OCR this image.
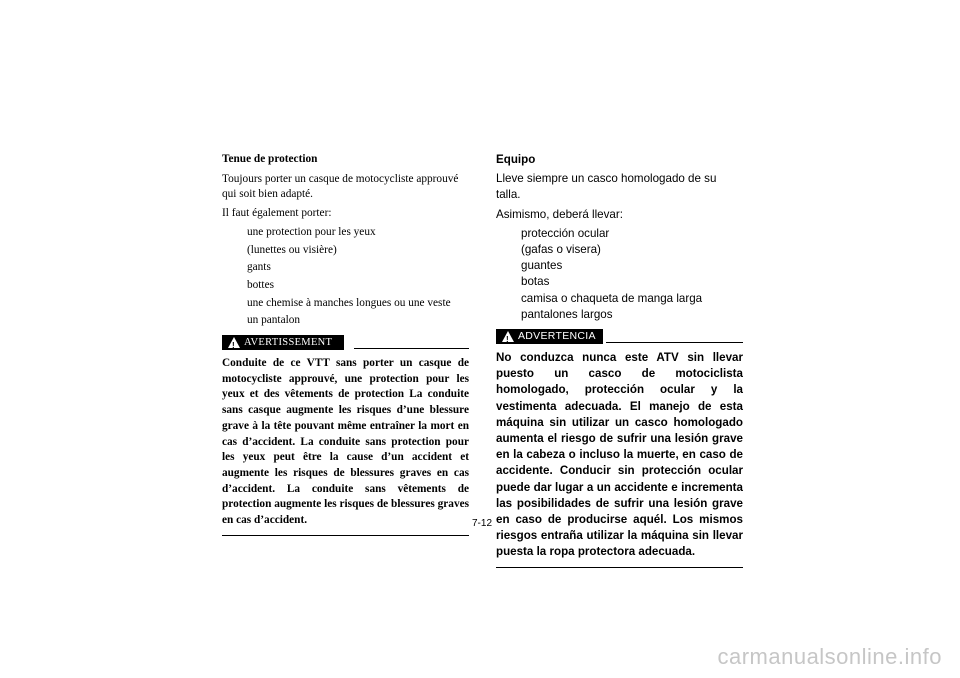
Tenue de protection

Toujours porter un casque de motocycliste approuvé qui soit bien adapté.

Il faut également porter:

une protection pour les yeux
(lunettes ou visière)
gants
bottes
une chemise à manches longues ou une veste
un pantalon
!
AVERTISSEMENT

Conduite de ce VTT sans porter un casque de motocycliste approuvé, une protection pour les yeux et des vêtements de protection La conduite sans casque augmente les risques d’une blessure grave à la tête pouvant même entraîner la mort en cas d’accident. La conduite sans protection pour les yeux peut être la cause d’un accident et augmente les risques de blessures graves en cas d’accident. La conduite sans vêtements de protection augmente les risques de blessures graves en cas d’accident.

Equipo

Lleve siempre un casco homologado de su talla.

Asimismo, deberá llevar:

protección ocular
(gafas o visera)
guantes
botas
camisa o chaqueta de manga larga
pantalones largos
!
ADVERTENCIA

No conduzca nunca este ATV sin llevar puesto un casco de motociclista homologado, protección ocular y la vestimenta adecuada. El manejo de esta máquina sin utilizar un casco homologado aumenta el riesgo de sufrir una lesión grave en la cabeza o incluso la muerte, en caso de accidente. Conducir sin protección ocular puede dar lugar a un accidente e incrementa las posibilidades de sufrir una lesión grave en caso de producirse aquél. Los mismos riesgos entraña utilizar la máquina sin llevar puesta la ropa protectora adecuada.

7-12
carmanualsonline.info
